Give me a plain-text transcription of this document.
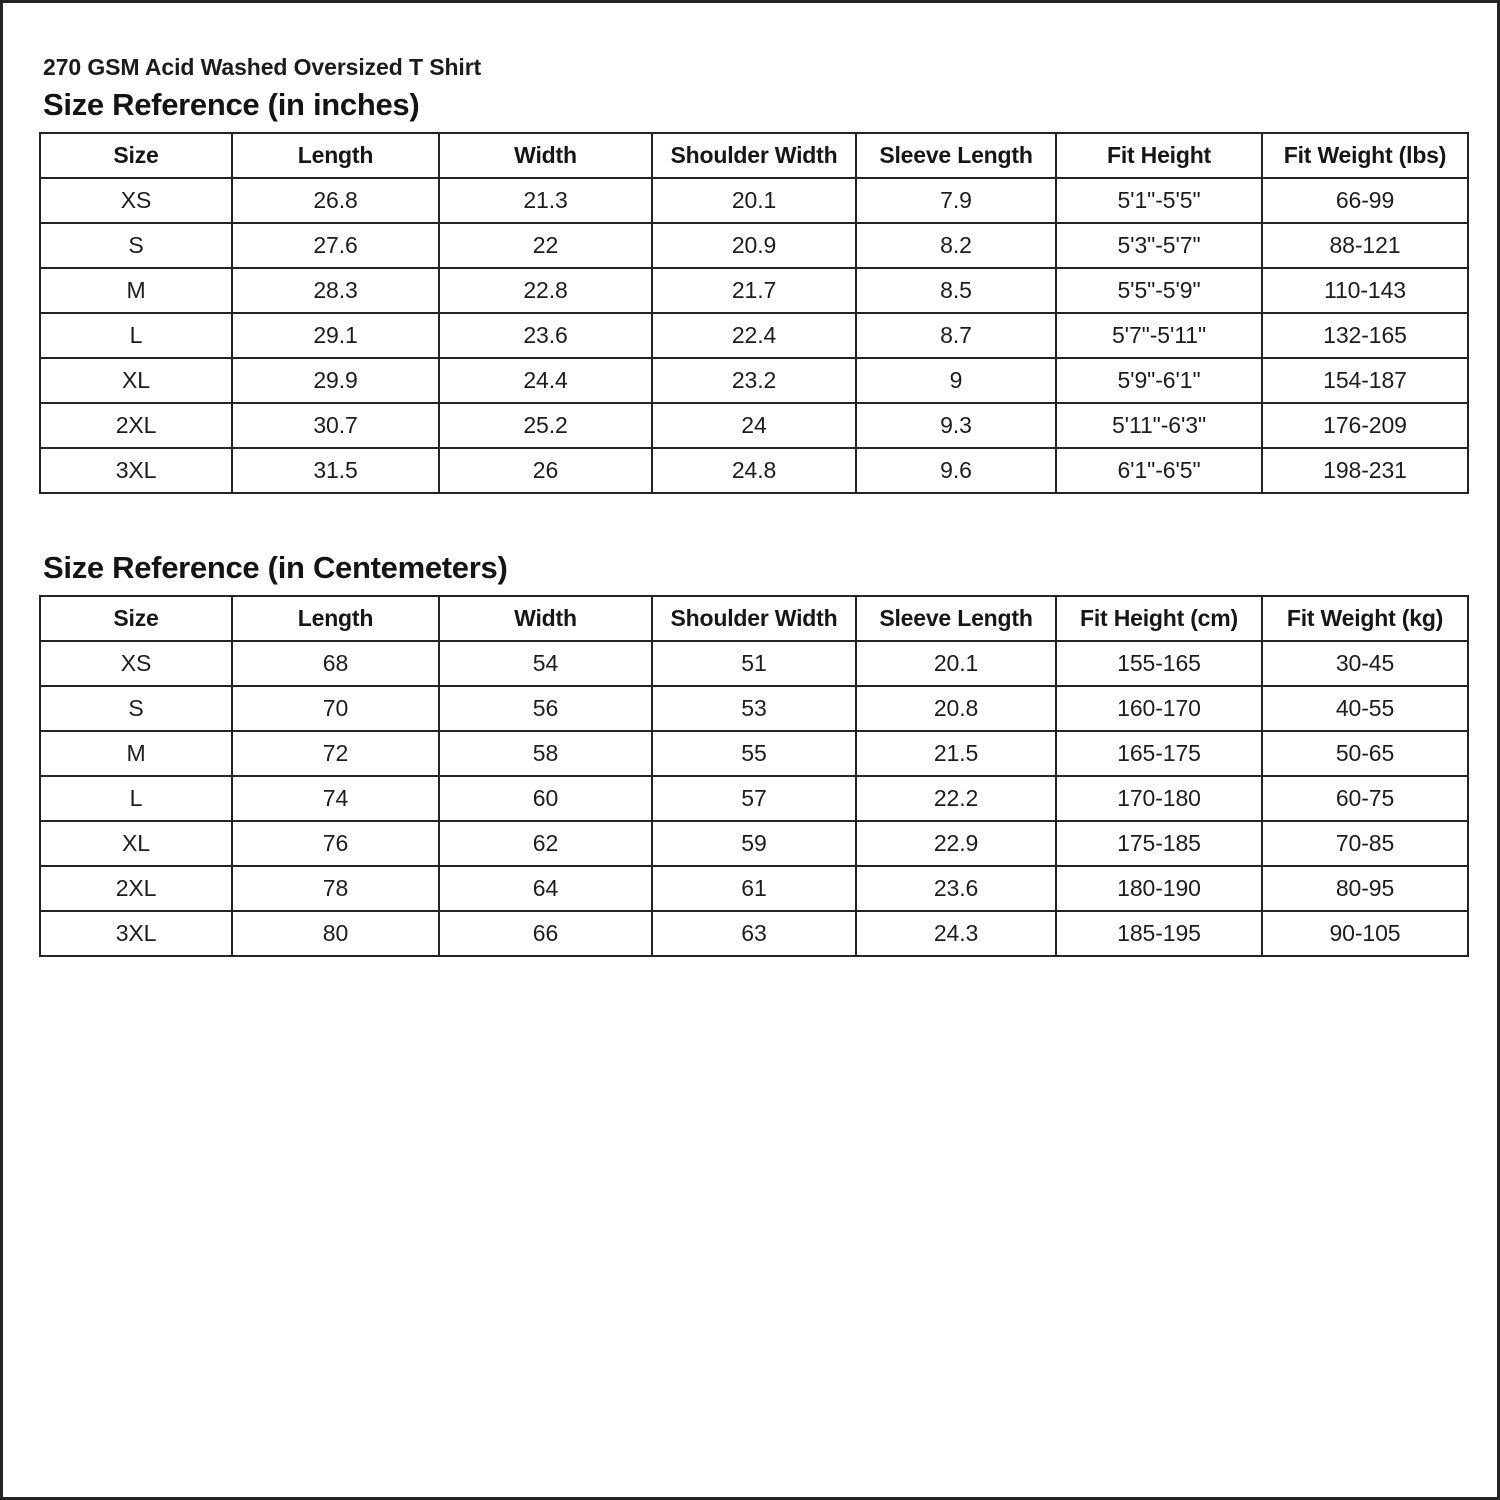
270 GSM Acid Washed Oversized T Shirt
Size Reference (in inches)
Size	Length	Width	Shoulder Width	Sleeve Length	Fit Height	Fit Weight (lbs)
XS	26.8	21.3	20.1	7.9	5'1"-5'5"	66-99
S	27.6	22	20.9	8.2	5'3"-5'7"	88-121
M	28.3	22.8	21.7	8.5	5'5"-5'9"	110-143
L	29.1	23.6	22.4	8.7	5'7"-5'11"	132-165
XL	29.9	24.4	23.2	9	5'9"-6'1"	154-187
2XL	30.7	25.2	24	9.3	5'11"-6'3"	176-209
3XL	31.5	26	24.8	9.6	6'1"-6'5"	198-231
Size Reference (in Centemeters)
Size	Length	Width	Shoulder Width	Sleeve Length	Fit Height (cm)	Fit Weight (kg)
XS	68	54	51	20.1	155-165	30-45
S	70	56	53	20.8	160-170	40-55
M	72	58	55	21.5	165-175	50-65
L	74	60	57	22.2	170-180	60-75
XL	76	62	59	22.9	175-185	70-85
2XL	78	64	61	23.6	180-190	80-95
3XL	80	66	63	24.3	185-195	90-105
